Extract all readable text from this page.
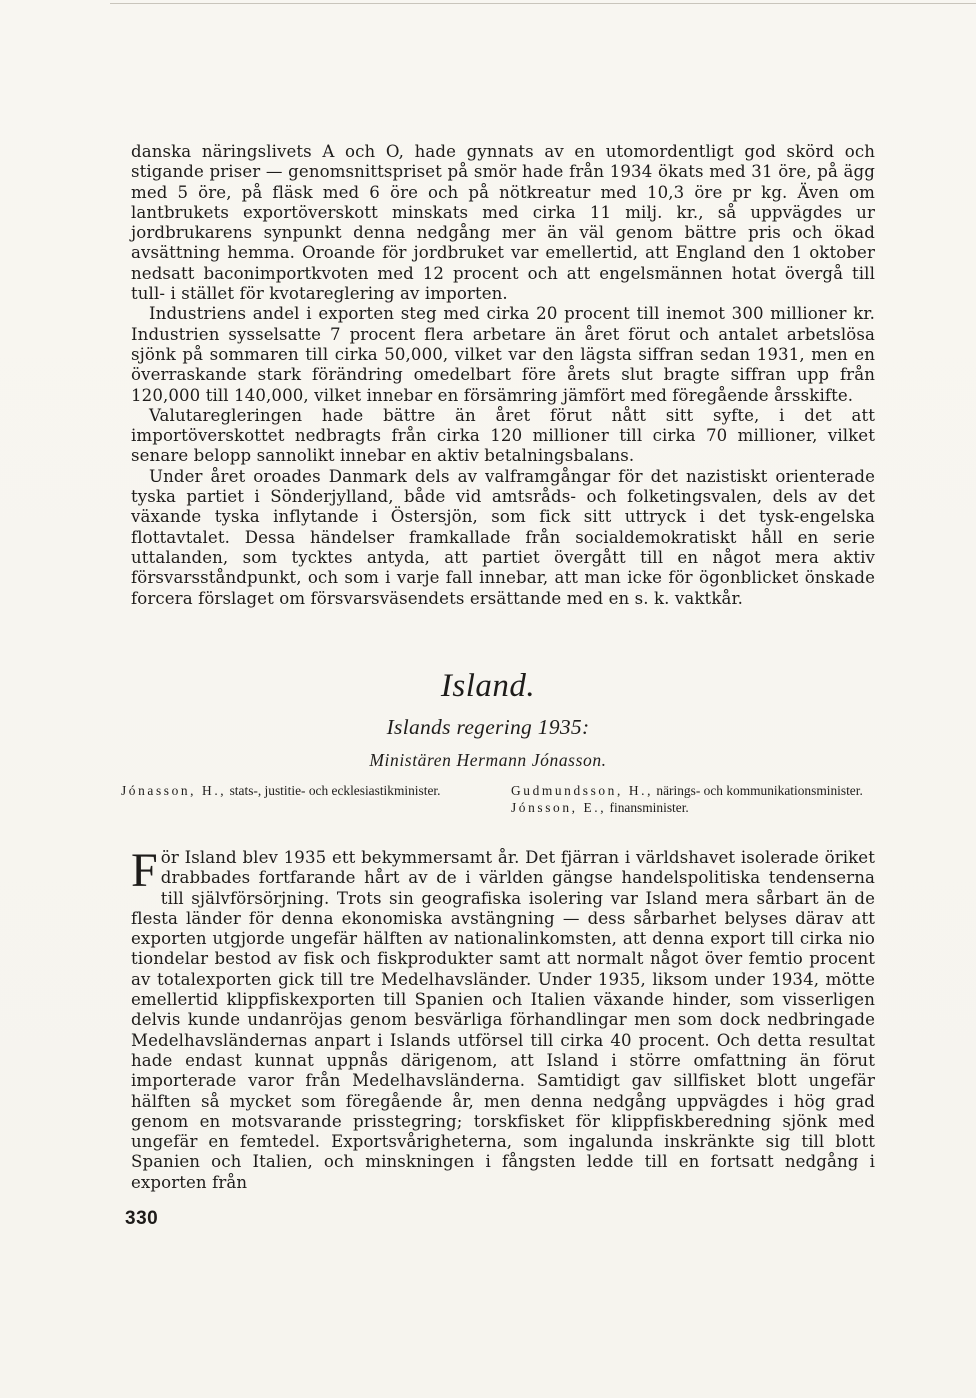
danska näringslivets A och O, hade gynnats av en utomordentligt god skörd och stigande priser — genomsnittspriset på smör hade från 1934 ökats med 31 öre, på ägg med 5 öre, på fläsk med 6 öre och på nötkreatur med 10,3 öre pr kg. Även om lantbrukets exportöverskott minskats med cirka 11 milj. kr., så uppvägdes ur jordbrukarens synpunkt denna nedgång mer än väl genom bättre pris och ökad avsättning hemma. Oroande för jordbruket var emellertid, att England den 1 oktober nedsatt baconimportkvoten med 12 procent och att engelsmännen hotat övergå till tull- i stället för kvotareglering av importen.

Industriens andel i exporten steg med cirka 20 procent till inemot 300 millioner kr. Industrien sysselsatte 7 procent flera arbetare än året förut och antalet arbetslösa sjönk på sommaren till cirka 50,000, vilket var den lägsta siffran sedan 1931, men en överraskande stark förändring omedelbart före årets slut bragte siffran upp från 120,000 till 140,000, vilket innebar en försämring jämfört med föregående årsskifte.

Valutaregleringen hade bättre än året förut nått sitt syfte, i det att importöverskottet nedbragts från cirka 120 millioner till cirka 70 millioner, vilket senare belopp sannolikt innebar en aktiv betalningsbalans.

Under året oroades Danmark dels av valframgångar för det nazistiskt orienterade tyska partiet i Sönderjylland, både vid amtsråds- och folketingsvalen, dels av det växande tyska inflytande i Östersjön, som fick sitt uttryck i det tysk-engelska flottavtalet. Dessa händelser framkallade från socialdemokratiskt håll en serie uttalanden, som tycktes antyda, att partiet övergått till en något mera aktiv försvarsståndpunkt, och som i varje fall innebar, att man icke för ögonblicket önskade forcera förslaget om försvarsväsendets ersättande med en s. k. vaktkår.

Island.
Islands regering 1935:
Ministären Hermann Jónasson.
Jónasson, H., stats-, justitie- och ecklesiastikminister.	Gudmundsson, H., närings- och kommunikationsminister.
Jónsson, E., finansminister.

För Island blev 1935 ett bekymmersamt år. Det fjärran i världshavet isolerade öriket drabbades fortfarande hårt av de i världen gängse handelspolitiska tendenserna till självförsörjning. Trots sin geografiska isolering var Island mera sårbart än de flesta länder för denna ekonomiska avstängning — dess sårbarhet belyses därav att exporten utgjorde ungefär hälften av nationalinkomsten, att denna export till cirka nio tiondelar bestod av fisk och fiskprodukter samt att normalt något över femtio procent av totalexporten gick till tre Medelhavsländer. Under 1935, liksom under 1934, mötte emellertid klippfiskexporten till Spanien och Italien växande hinder, som visserligen delvis kunde undanröjas genom besvärliga förhandlingar men som dock nedbringade Medelhavsländernas anpart i Islands utförsel till cirka 40 procent. Och detta resultat hade endast kunnat uppnås därigenom, att Island i större omfattning än förut importerade varor från Medelhavsländerna. Samtidigt gav sillfisket blott ungefär hälften så mycket som föregående år, men denna nedgång uppvägdes i hög grad genom en motsvarande prisstegring; torskfisket för klippfiskberedning sjönk med ungefär en femtedel. Exportsvårigheterna, som ingalunda inskränkte sig till blott Spanien och Italien, och minskningen i fångsten ledde till en fortsatt nedgång i exporten från

330
